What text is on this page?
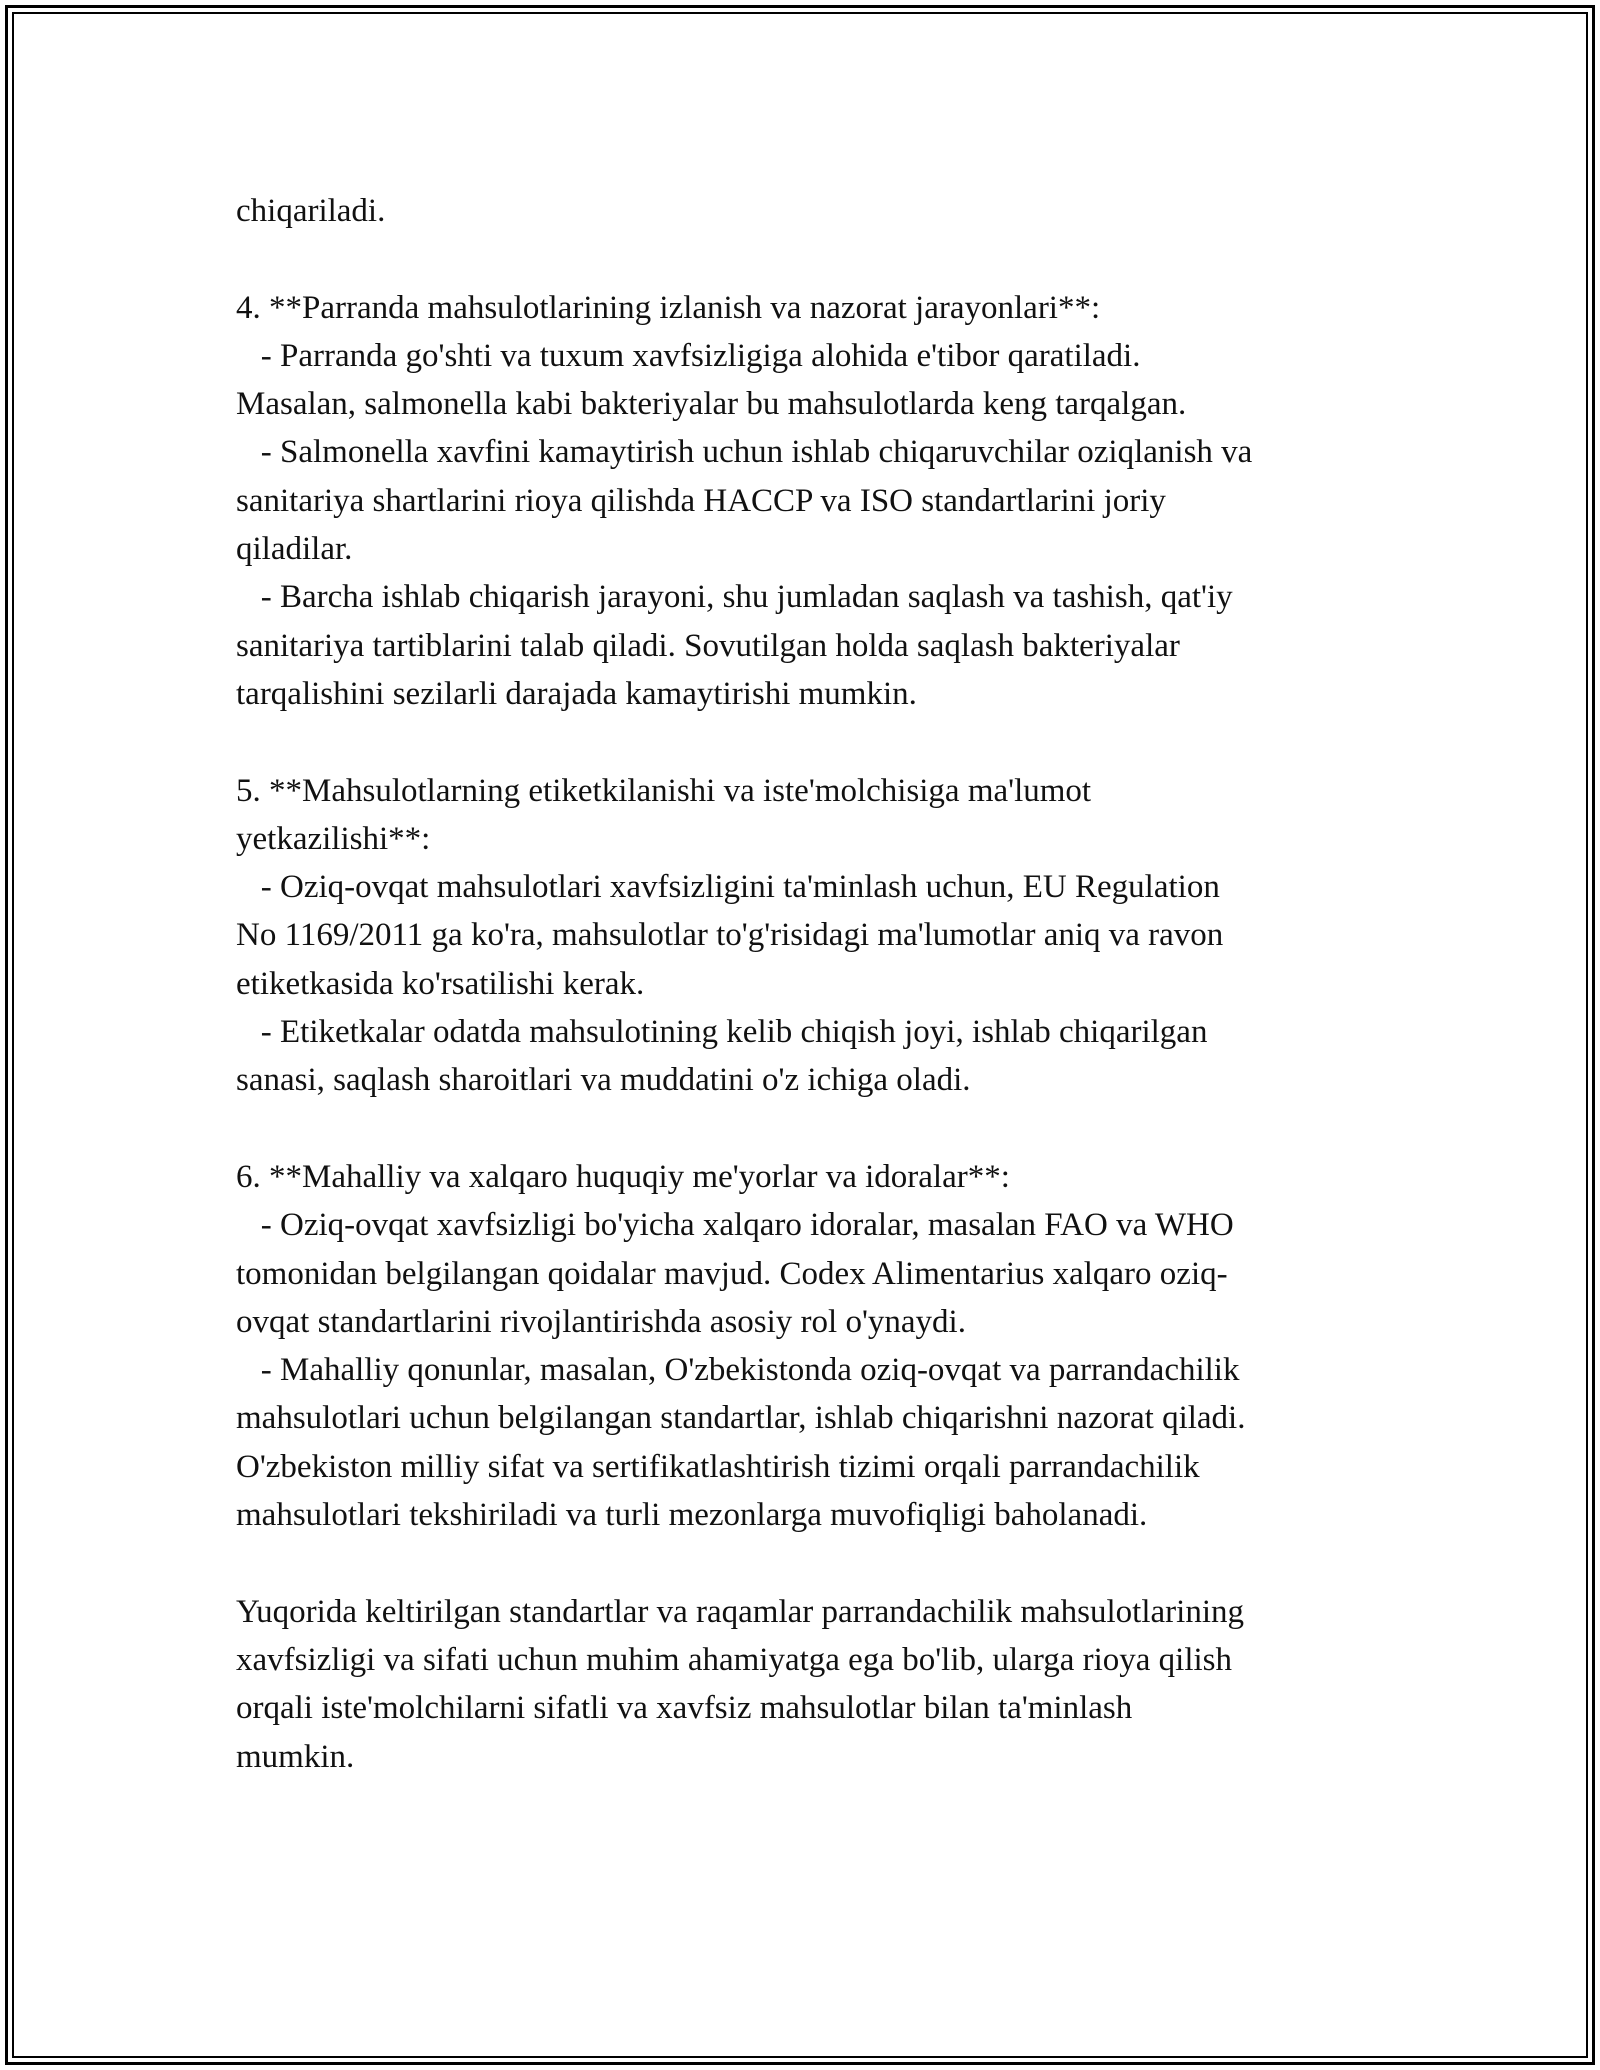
chiqariladi.
4. **Parranda mahsulotlarining izlanish va nazorat jarayonlari**:
- Parranda go'shti va tuxum xavfsizligiga alohida e'tibor qaratiladi.
Masalan, salmonella kabi bakteriyalar bu mahsulotlarda keng tarqalgan.
- Salmonella xavfini kamaytirish uchun ishlab chiqaruvchilar oziqlanish va
sanitariya shartlarini rioya qilishda HACCP va ISO standartlarini joriy
qiladilar.
- Barcha ishlab chiqarish jarayoni, shu jumladan saqlash va tashish, qat'iy
sanitariya tartiblarini talab qiladi. Sovutilgan holda saqlash bakteriyalar
tarqalishini sezilarli darajada kamaytirishi mumkin.
5. **Mahsulotlarning etiketkilanishi va iste'molchisiga ma'lumot
yetkazilishi**:
- Oziq-ovqat mahsulotlari xavfsizligini ta'minlash uchun, EU Regulation
No 1169/2011 ga ko'ra, mahsulotlar to'g'risidagi ma'lumotlar aniq va ravon
etiketkasida ko'rsatilishi kerak.
- Etiketkalar odatda mahsulotining kelib chiqish joyi, ishlab chiqarilgan
sanasi, saqlash sharoitlari va muddatini o'z ichiga oladi.
6. **Mahalliy va xalqaro huquqiy me'yorlar va idoralar**:
- Oziq-ovqat xavfsizligi bo'yicha xalqaro idoralar, masalan FAO va WHO
tomonidan belgilangan qoidalar mavjud. Codex Alimentarius xalqaro oziq-
ovqat standartlarini rivojlantirishda asosiy rol o'ynaydi.
- Mahalliy qonunlar, masalan, O'zbekistonda oziq-ovqat va parrandachilik
mahsulotlari uchun belgilangan standartlar, ishlab chiqarishni nazorat qiladi.
O'zbekiston milliy sifat va sertifikatlashtirish tizimi orqali parrandachilik
mahsulotlari tekshiriladi va turli mezonlarga muvofiqligi baholanadi.
Yuqorida keltirilgan standartlar va raqamlar parrandachilik mahsulotlarining
xavfsizligi va sifati uchun muhim ahamiyatga ega bo'lib, ularga rioya qilish
orqali iste'molchilarni sifatli va xavfsiz mahsulotlar bilan ta'minlash
mumkin.
